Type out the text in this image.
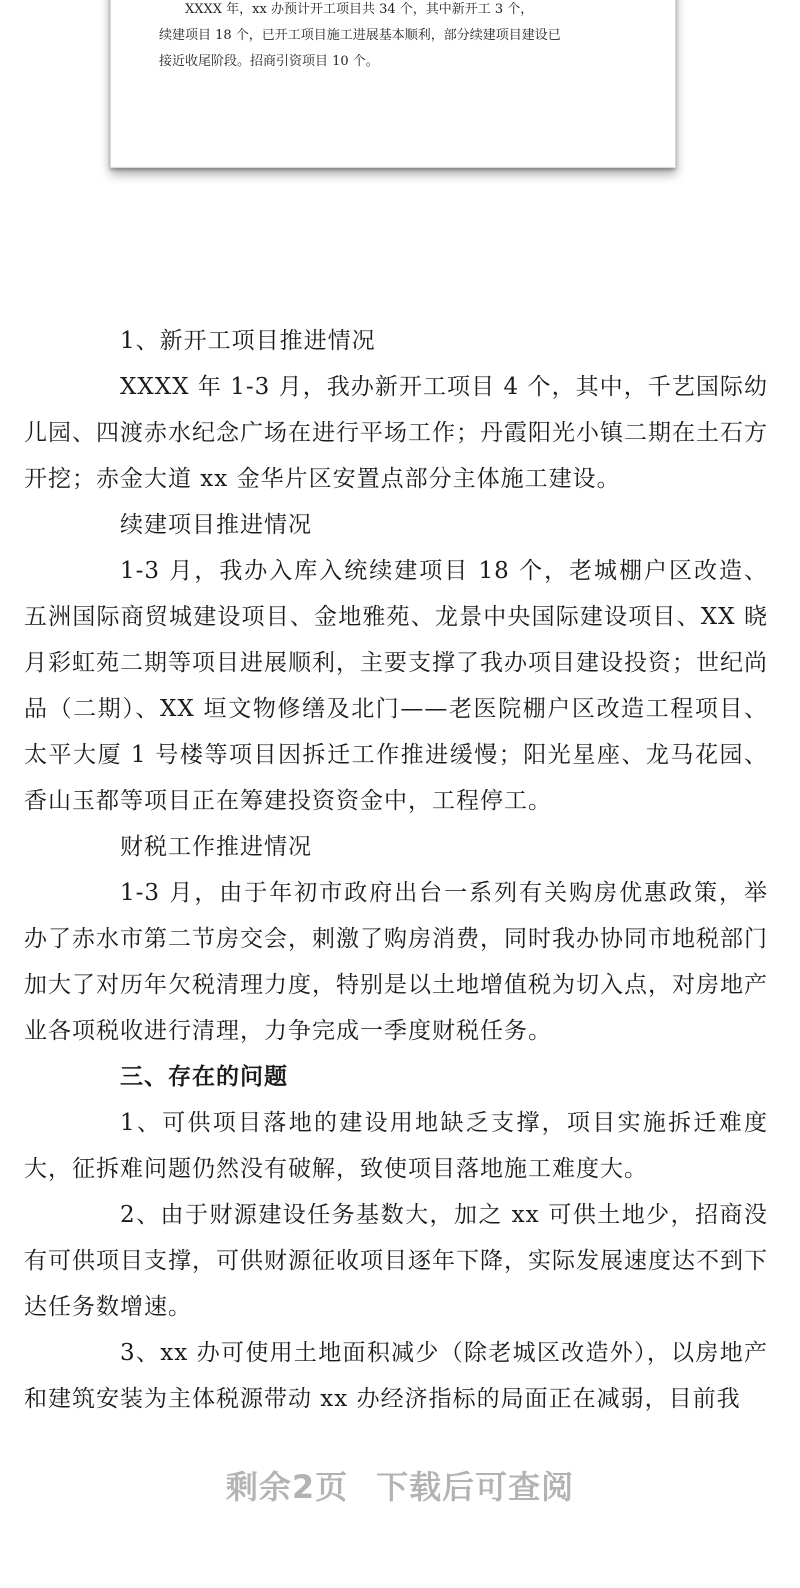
XXXX 年，xx 办预计开工项目共 34 个，其中新开工 3 个，

续建项目 18 个，已开工项目施工进展基本顺利，部分续建项目建设已

接近收尾阶段。招商引资项目 10 个。

1、新开工项目推进情况

XXXX 年 1-3 月，我办新开工项目 4 个，其中，千艺国际幼儿园、四渡赤水纪念广场在进行平场工作；丹霞阳光小镇二期在土石方开挖；赤金大道 xx 金华片区安置点部分主体施工建设。

续建项目推进情况

1-3 月，我办入库入统续建项目 18 个，老城棚户区改造、五洲国际商贸城建设项目、金地雅苑、龙景中央国际建设项目、XX 晓月彩虹苑二期等项目进展顺利，主要支撑了我办项目建设投资；世纪尚品（二期）、XX 垣文物修缮及北门——老医院棚户区改造工程项目、太平大厦 1 号楼等项目因拆迁工作推进缓慢；阳光星座、龙马花园、香山玉都等项目正在筹建投资资金中，工程停工。

财税工作推进情况

1-3 月，由于年初市政府出台一系列有关购房优惠政策，举办了赤水市第二节房交会，刺激了购房消费，同时我办协同市地税部门加大了对历年欠税清理力度，特别是以土地增值税为切入点，对房地产业各项税收进行清理，力争完成一季度财税任务。

三、存在的问题

1、可供项目落地的建设用地缺乏支撑，项目实施拆迁难度大，征拆难问题仍然没有破解，致使项目落地施工难度大。

2、由于财源建设任务基数大，加之 xx 可供土地少，招商没有可供项目支撑，可供财源征收项目逐年下降，实际发展速度达不到下达任务数增速。

3、xx 办可使用土地面积减少（除老城区改造外），以房地产和建筑安装为主体税源带动 xx 办经济指标的局面正在减弱，目前我

剩余2页 下载后可查阅
